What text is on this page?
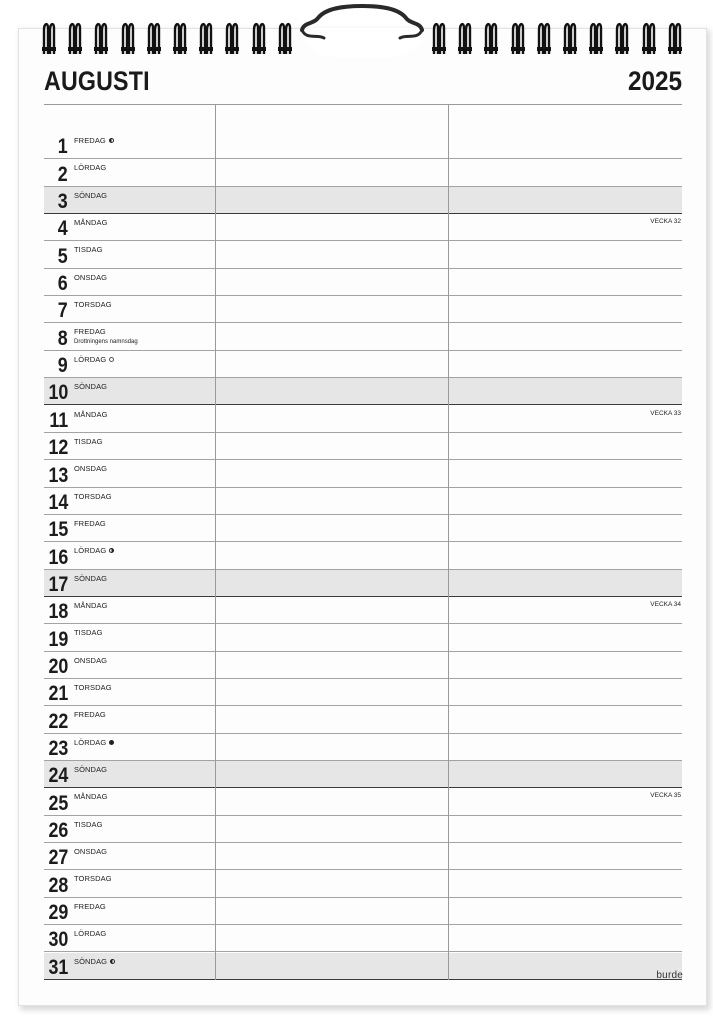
AUGUSTI	2025
1 FREDAG
2 LÖRDAG
3 SÖNDAG
4 MÅNDAG	VECKA 32
5 TISDAG
6 ONSDAG
7 TORSDAG
8 FREDAG
Drottningens namnsdag
9 LÖRDAG
10 SÖNDAG
11 MÅNDAG	VECKA 33
12 TISDAG
13 ONSDAG
14 TORSDAG
15 FREDAG
16 LÖRDAG
17 SÖNDAG
18 MÅNDAG	VECKA 34
19 TISDAG
20 ONSDAG
21 TORSDAG
22 FREDAG
23 LÖRDAG
24 SÖNDAG
25 MÅNDAG	VECKA 35
26 TISDAG
27 ONSDAG
28 TORSDAG
29 FREDAG
30 LÖRDAG
31 SÖNDAG
burde
